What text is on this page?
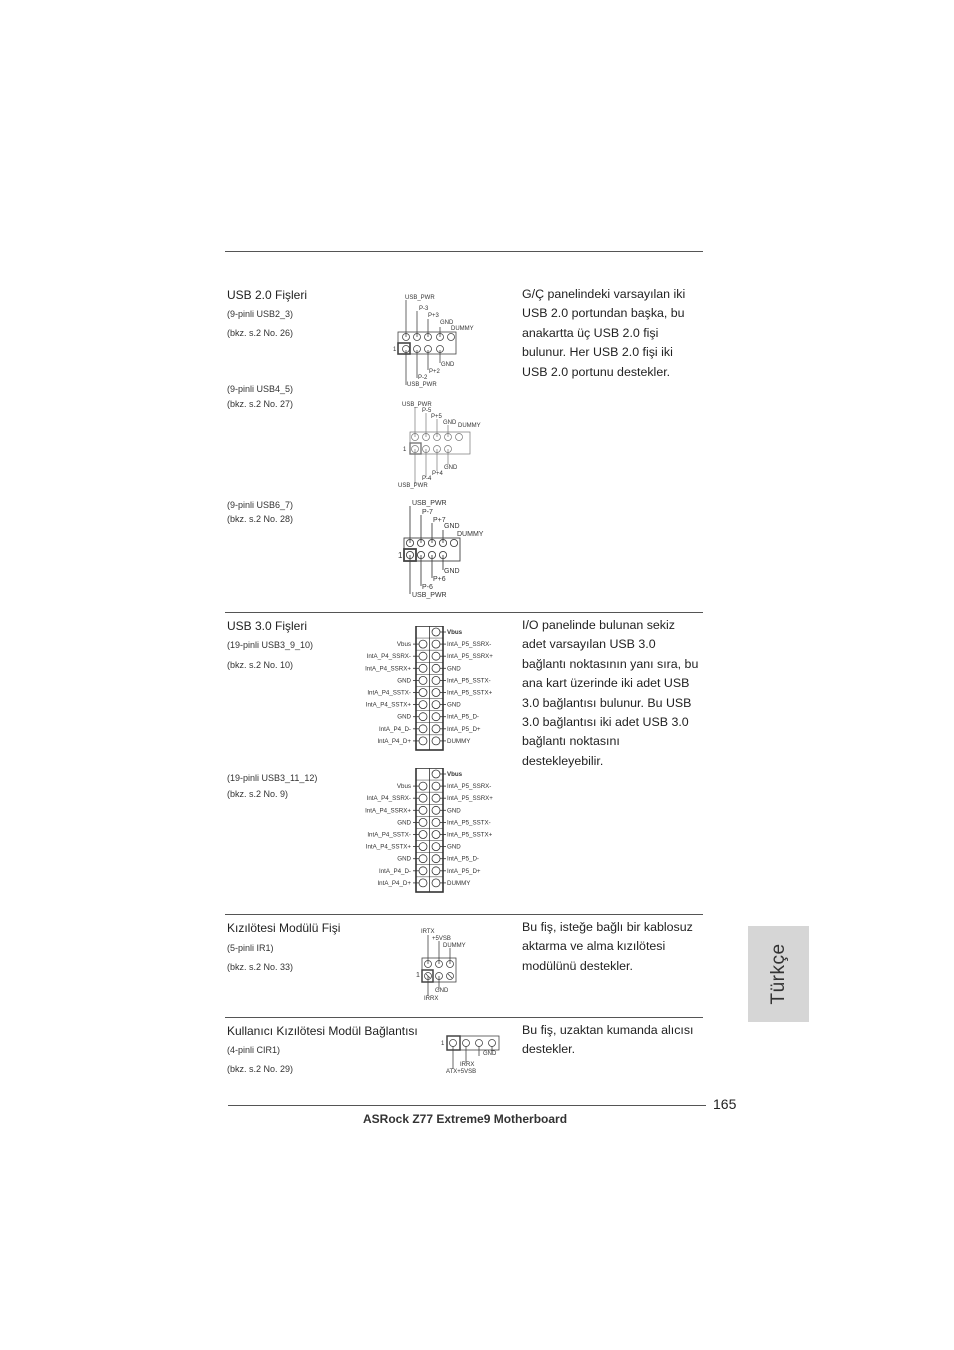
USB 2.0 Fişleri
(9-pinli USB2_3)
(bkz. s.2 No. 26)
(9-pinli USB4_5)
(bkz. s.2 No. 27)
(9-pinli USB6_7)
(bkz. s.2 No. 28)
G/Ç panelindeki varsayılan iki
USB 2.0 portundan başka, bu
anakartta üç USB 2.0 fişi
bulunur. Her USB 2.0 fişi iki
USB 2.0 portunu destekler.
USB_PWR
P-3
P+3
GND
DUMMY
GND
P+2
P-2
USB_PWR
1
USB_PWR
P-5
P+5
GND DUMMY
GND
P+4
P-4
USB_PWR
1
USB_PWR
P-7
P+7
GND
DUMMY
GND
P+6
P-6
USB_PWR
1
USB 3.0 Fişleri
(19-pinli USB3_9_10)
(bkz. s.2 No. 10)
(19-pinli USB3_11_12)
(bkz. s.2 No. 9)
I/O panelinde bulunan sekiz
adet varsayılan USB 3.0
bağlantı noktasının yanı sıra, bu
ana kart üzerinde iki adet USB
3.0 bağlantısı bulunur. Bu USB
3.0 bağlantısı iki adet USB 3.0
bağlantı noktasını
destekleyebilir.
Vbus
IntA_P5_SSRX-
Vbus
IntA_P5_SSRX+
IntA_P4_SSRX-
GND
IntA_P4_SSRX+
IntA_P5_SSTX-
GND
IntA_P5_SSTX+
IntA_P4_SSTX-
GND
IntA_P4_SSTX+
IntA_P5_D-
GND
IntA_P5_D+
IntA_P4_D-
DUMMY
IntA_P4_D+
Vbus
IntA_P5_SSRX-
Vbus
IntA_P5_SSRX+
IntA_P4_SSRX-
GND
IntA_P4_SSRX+
IntA_P5_SSTX-
GND
IntA_P5_SSTX+
IntA_P4_SSTX-
GND
IntA_P4_SSTX+
IntA_P5_D-
GND
IntA_P5_D+
IntA_P4_D-
DUMMY
IntA_P4_D+
Kızılötesi Modülü Fişi
(5-pinli IR1)
(bkz. s.2 No. 33)
Bu fiş, isteğe bağlı bir kablosuz
aktarma ve alma kızılötesi
modülünü destekler.
IRTX
+5VSB
DUMMY
GND
IRRX
1
Kullanıcı Kızılötesi Modül Bağlantısı
(4-pinli CIR1)
(bkz. s.2 No. 29)
Bu fiş, uzaktan kumanda alıcısı
destekler.
1
GND
IRRX
ATX+5VSB
Türkçe
165
ASRock Z77 Extreme9 Motherboard
